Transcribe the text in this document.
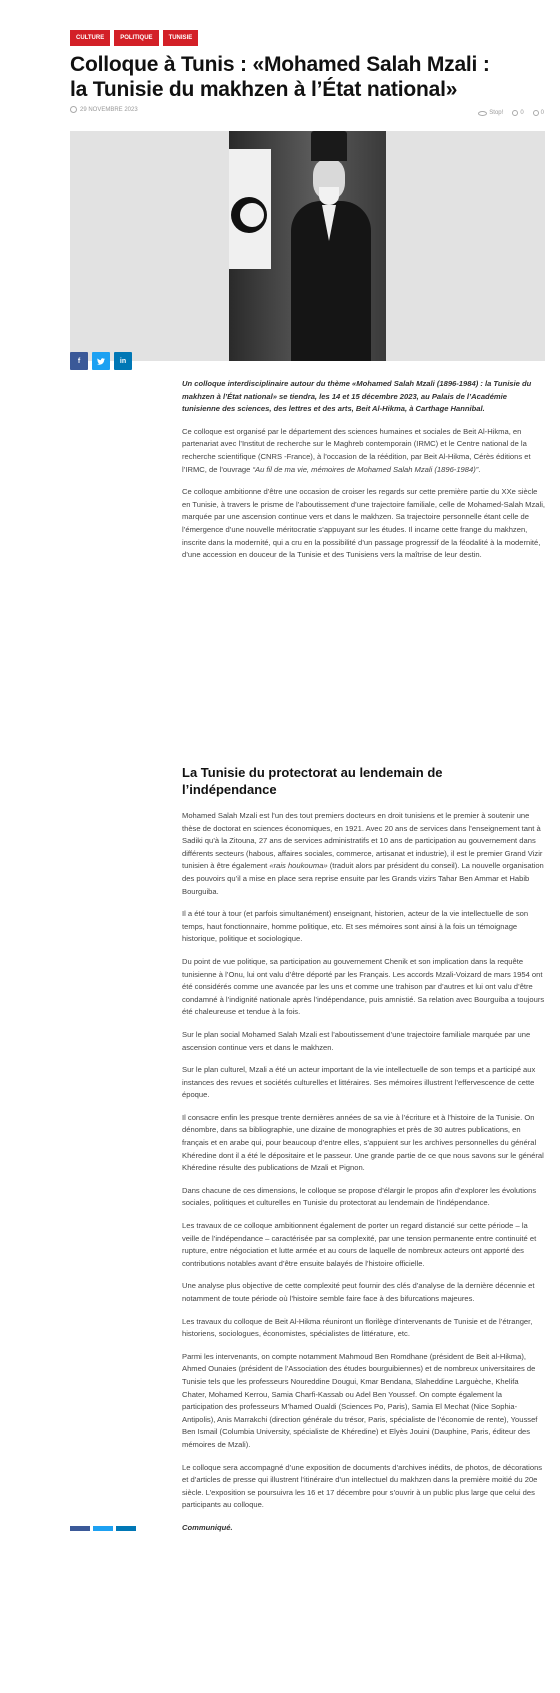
CULTURE	POLITIQUE	TUNISIE
Colloque à Tunis : «Mohamed Salah Mzali : la Tunisie du makhzen à l’État national»
29 NOVEMBRE 2023
Stop!	0	0
f	in

Un colloque interdisciplinaire autour du thème «Mohamed Salah Mzali (1896-1984) : la Tunisie du makhzen à l’État national» se tiendra, les 14 et 15 décembre 2023, au Palais de l’Académie tunisienne des sciences, des lettres et des arts, Beit Al-Hikma, à Carthage Hannibal.

Ce colloque est organisé par le département des sciences humaines et sociales de Beit Al-Hikma, en partenariat avec l’Institut de recherche sur le Maghreb contemporain (IRMC) et le Centre national de la recherche scientifique (CNRS -France), à l’occasion de la réédition, par Beit Al-Hikma, Cérès éditions et l’IRMC, de l’ouvrage “Au fil de ma vie, mémoires de Mohamed Salah Mzali (1896-1984)”.

Ce colloque ambitionne d’être une occasion de croiser les regards sur cette première partie du XXe siècle en Tunisie, à travers le prisme de l’aboutissement d’une trajectoire familiale, celle de Mohamed-Salah Mzali, marquée par une ascension continue vers et dans le makhzen. Sa trajectoire personnelle étant celle de l’émergence d’une nouvelle méritocratie s’appuyant sur les études. Il incarne cette frange du makhzen, inscrite dans la modernité, qui a cru en la possibilité d’un passage progressif de la féodalité à la modernité, d’une accession en douceur de la Tunisie et des Tunisiens vers la maîtrise de leur destin.

La Tunisie du protectorat au lendemain de l’indépendance

Mohamed Salah Mzali est l’un des tout premiers docteurs en droit tunisiens et le premier à soutenir une thèse de doctorat en sciences économiques, en 1921. Avec 20 ans de services dans l’enseignement tant à Sadiki qu’à la Zitouna, 27 ans de services administratifs et 10 ans de participation au gouvernement dans différents secteurs (habous, affaires sociales, commerce, artisanat et industrie), il est le premier Grand Vizir tunisien à être également «rais houkouma» (traduit alors par président du conseil). La nouvelle organisation des pouvoirs qu’il a mise en place sera reprise ensuite par les Grands vizirs Tahar Ben Ammar et Habib Bourguiba.

Il a été tour à tour (et parfois simultanément) enseignant, historien, acteur de la vie intellectuelle de son temps, haut fonctionnaire, homme politique, etc. Et ses mémoires sont ainsi à la fois un témoignage historique, politique et sociologique.

Du point de vue politique, sa participation au gouvernement Chenik et son implication dans la requête tunisienne à l’Onu, lui ont valu d’être déporté par les Français. Les accords Mzali-Voizard de mars 1954 ont été considérés comme une avancée par les uns et comme une trahison par d’autres et lui ont valu d’être condamné à l’indignité nationale après l’indépendance, puis amnistié. Sa relation avec Bourguiba a toujours été chaleureuse et tendue à la fois.

Sur le plan social Mohamed Salah Mzali est l’aboutissement d’une trajectoire familiale marquée par une ascension continue vers et dans le makhzen.

Sur le plan culturel, Mzali a été un acteur important de la vie intellectuelle de son temps et a participé aux instances des revues et sociétés culturelles et littéraires. Ses mémoires illustrent l’effervescence de cette époque.

Il consacre enfin les presque trente dernières années de sa vie à l’écriture et à l’histoire de la Tunisie. On dénombre, dans sa bibliographie, une dizaine de monographies et près de 30 autres publications, en français et en arabe qui, pour beaucoup d’entre elles, s’appuient sur les archives personnelles du général Khéredine dont il a été le dépositaire et le passeur. Une grande partie de ce que nous savons sur le général Khéredine résulte des publications de Mzali et Pignon.

Dans chacune de ces dimensions, le colloque se propose d’élargir le propos afin d’explorer les évolutions sociales, politiques et culturelles en Tunisie du protectorat au lendemain de l’indépendance.

Les travaux de ce colloque ambitionnent également de porter un regard distancié sur cette période – la veille de l’indépendance – caractérisée par sa complexité, par une tension permanente entre continuité et rupture, entre négociation et lutte armée et au cours de laquelle de nombreux acteurs ont apporté des contributions notables avant d’être ensuite balayés de l’histoire officielle.

Une analyse plus objective de cette complexité peut fournir des clés d’analyse de la dernière décennie et notamment de toute période où l’histoire semble faire face à des bifurcations majeures.

Les travaux du colloque de Beit Al-Hikma réuniront un florilège d’intervenants de Tunisie et de l’étranger, historiens, sociologues, économistes, spécialistes de littérature, etc.

Parmi les intervenants, on compte notamment Mahmoud Ben Romdhane (président de Beit al-Hikma), Ahmed Ounaies (président de l’Association des études bourguibiennes) et de nombreux universitaires de Tunisie tels que les professeurs Noureddine Dougui, Kmar Bendana, Slaheddine Larguèche, Khelifa Chater, Mohamed Kerrou, Samia Charfi-Kassab ou Adel Ben Youssef. On compte également la participation des professeurs M’hamed Oualdi (Sciences Po, Paris), Samia El Mechat (Nice Sophia-Antipolis), Anis Marrakchi (direction générale du trésor, Paris, spécialiste de l’économie de rente), Youssef Ben Ismail (Columbia University, spécialiste de Khéredine) et Elyès Jouini (Dauphine, Paris, éditeur des mémoires de Mzali).

Le colloque sera accompagné d’une exposition de documents d’archives inédits, de photos, de décorations et d’articles de presse qui illustrent l’itinéraire d’un intellectuel du makhzen dans la première moitié du 20e siècle. L’exposition se poursuivra les 16 et 17 décembre pour s’ouvrir à un public plus large que celui des participants au colloque.

Communiqué.
